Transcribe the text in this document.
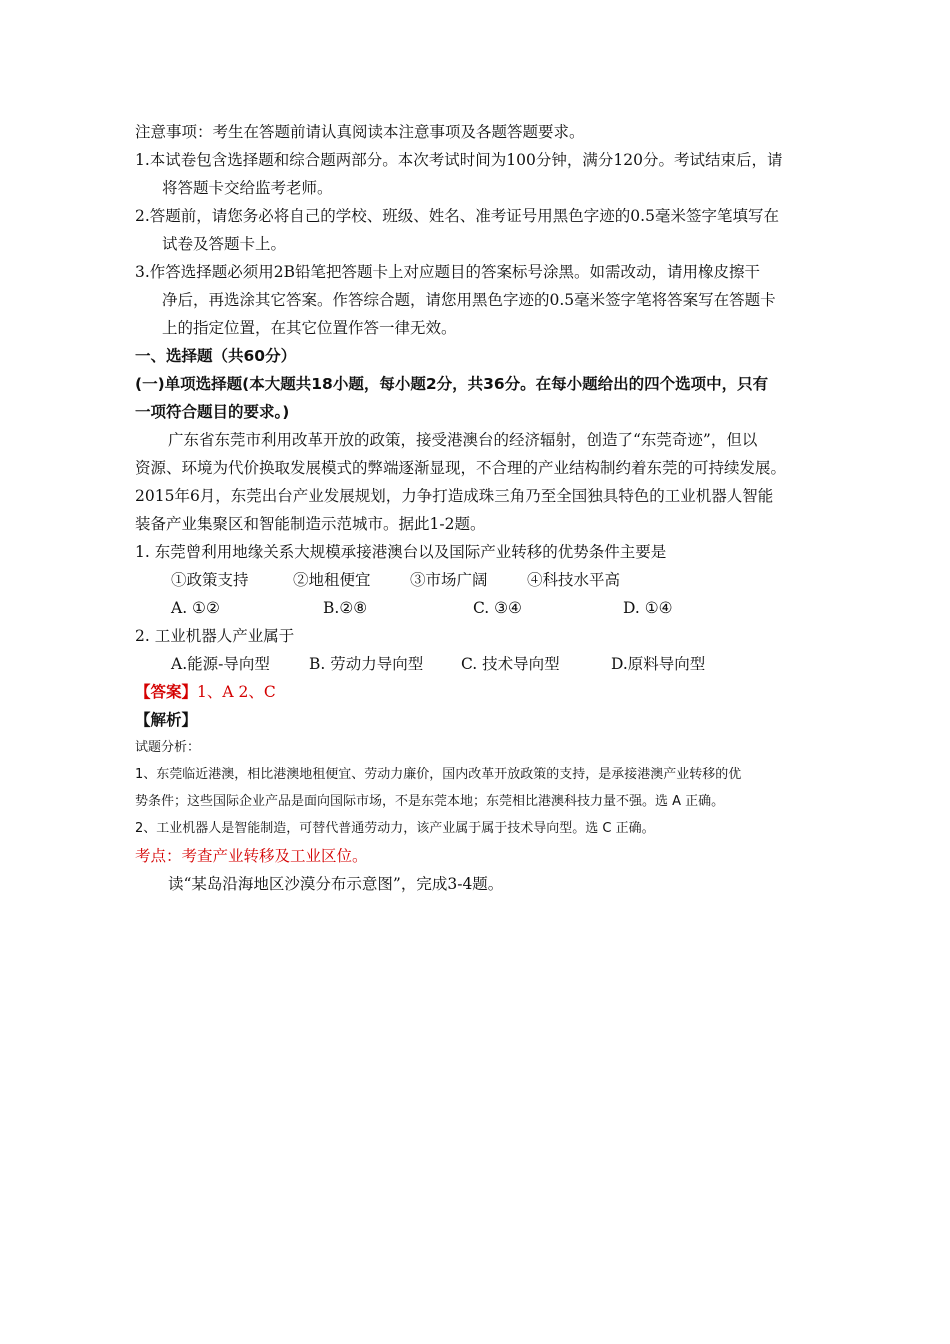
注意事项：考生在答题前请认真阅读本注意事项及各题答题要求。
1.本试卷包含选择题和综合题两部分。本次考试时间为100分钟，满分120分。考试结束后，请
将答题卡交给监考老师。
2.答题前，请您务必将自己的学校、班级、姓名、准考证号用黑色字迹的0.5毫米签字笔填写在
试卷及答题卡上。
3.作答选择题必须用2B铅笔把答题卡上对应题目的答案标号涂黑。如需改动，请用橡皮擦干
净后，再选涂其它答案。作答综合题，请您用黑色字迹的0.5毫米签字笔将答案写在答题卡
上的指定位置，在其它位置作答一律无效。
一、选择题（共60分）
(一)单项选择题(本大题共18小题，每小题2分，共36分。在每小题给出的四个选项中，只有
一项符合题目的要求。)
广东省东莞市利用改革开放的政策，接受港澳台的经济辐射，创造了“东莞奇迹”，但以
资源、环境为代价换取发展模式的弊端逐渐显现，不合理的产业结构制约着东莞的可持续发展。
2015年6月，东莞出台产业发展规划，力争打造成珠三角乃至全国独具特色的工业机器人智能
装备产业集聚区和智能制造示范城市。据此1-2题。
1. 东莞曾利用地缘关系大规模承接港澳台以及国际产业转移的优势条件主要是
①政策支持	②地租便宜	③市场广阔	④科技水平高
A. ①②	B.②⑧	C. ③④	D. ①④
2. 工业机器人产业属于
A.能源-导向型	B. 劳动力导向型 C. 技术导向型	D.原料导向型
【答案】1、A 2、C
【解析】
试题分析：
1、东莞临近港澳，相比港澳地租便宜、劳动力廉价，国内改革开放政策的支持，是承接港澳产业转移的优
势条件；这些国际企业产品是面向国际市场，不是东莞本地；东莞相比港澳科技力量不强。选 A 正确。
2、工业机器人是智能制造，可替代普通劳动力，该产业属于属于技术导向型。选 C 正确。
考点：考查产业转移及工业区位。
读“某岛沿海地区沙漠分布示意图”，完成3-4题。
